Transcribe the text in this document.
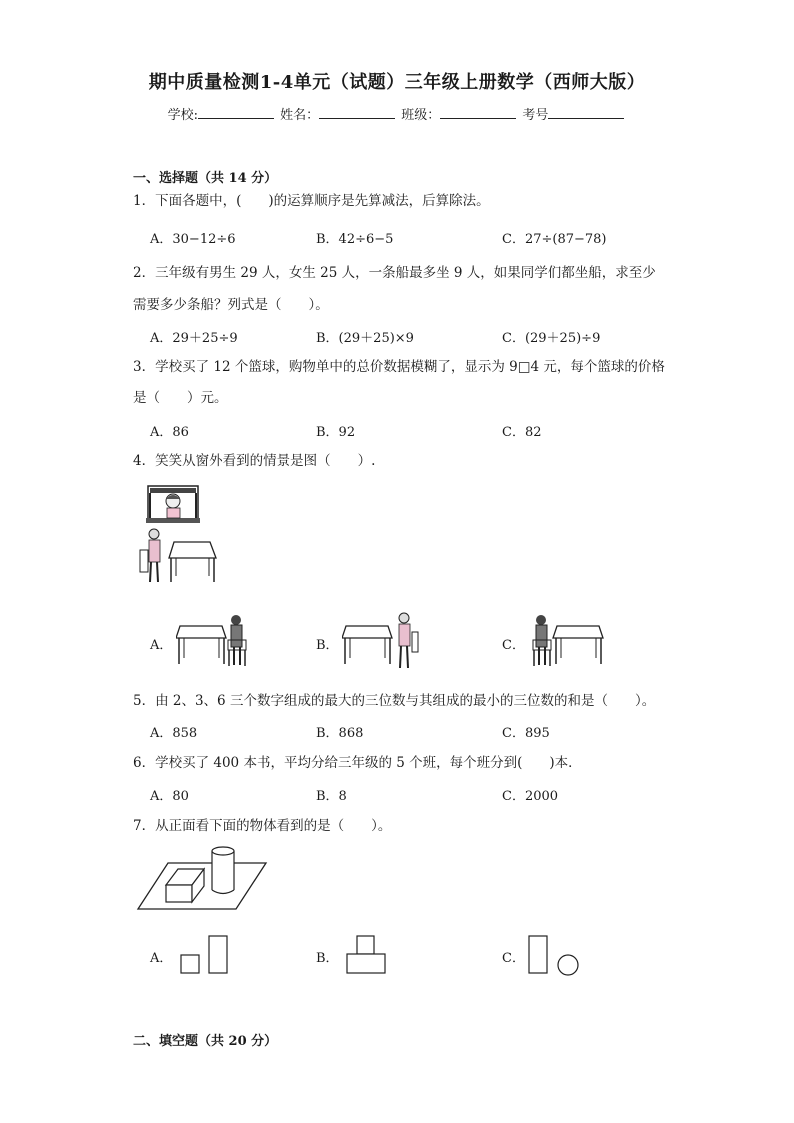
期中质量检测1-4单元（试题）三年级上册数学（西师大版）
学校:	姓名：	班级：	考号
一、选择题（共 14 分）
1．下面各题中，(　　)的运算顺序是先算减法，后算除法。
A．30−12÷6	B．42÷6−5	C．27÷(87−78)
2．三年级有男生 29 人，女生 25 人，一条船最多坐 9 人，如果同学们都坐船，求至少
需要多少条船？列式是（　　）。
A．29＋25÷9	B．(29＋25)×9	C．(29＋25)÷9
3．学校买了 12 个篮球，购物单中的总价数据模糊了，显示为 9□4 元，每个篮球的价格
是（　　）元。
A．86	B．92	C．82
4．笑笑从窗外看到的情景是图（　　）.
A．	B．	C．
5．由 2、3、6 三个数字组成的最大的三位数与其组成的最小的三位数的和是（　　）。
A．858	B．868	C．895
6．学校买了 400 本书，平均分给三年级的 5 个班，每个班分到(　　)本．
A．80	B．8	C．2000
7．从正面看下面的物体看到的是（　　）。
A．	B．	C．
二、填空题（共 20 分）
